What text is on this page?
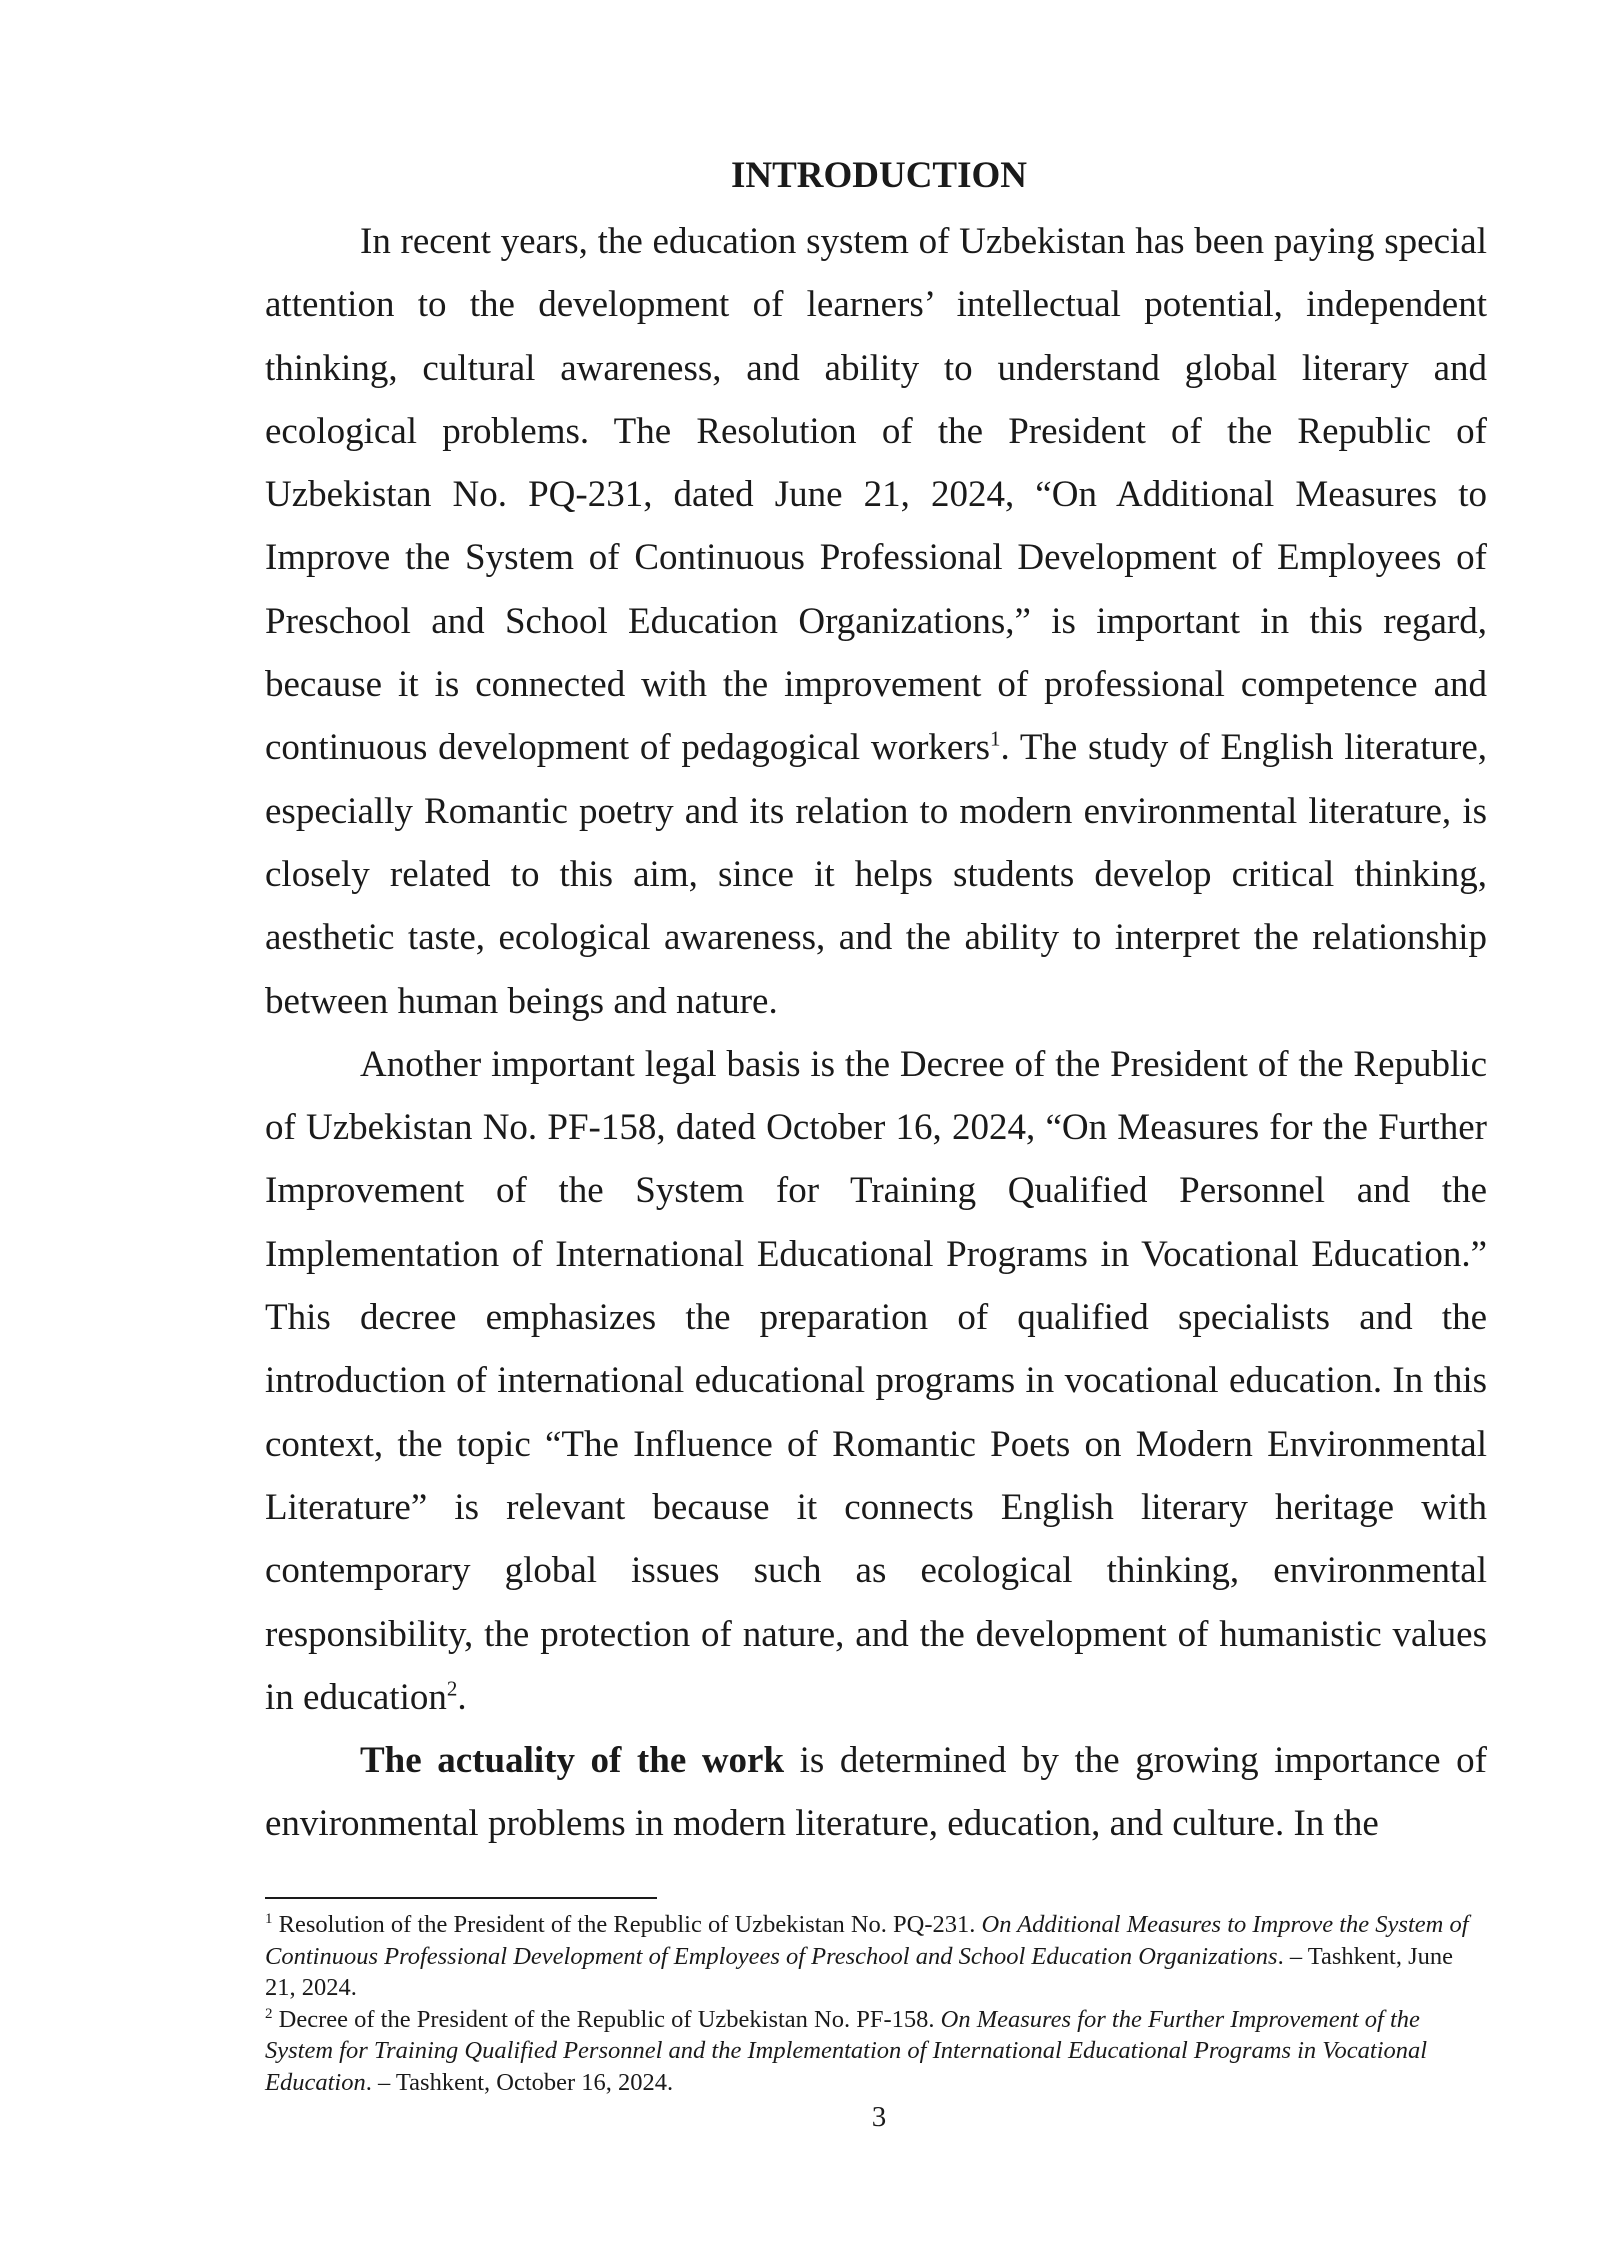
INTRODUCTION

In recent years, the education system of Uzbekistan has been paying special attention to the development of learners’ intellectual potential, independent thinking, cultural awareness, and ability to understand global literary and ecological problems. The Resolution of the President of the Republic of Uzbekistan No. PQ-231, dated June 21, 2024, “On Additional Measures to Improve the System of Continuous Professional Development of Employees of Preschool and School Education Organizations,” is important in this regard, because it is connected with the improvement of professional competence and continuous development of pedagogical workers$^1$. The study of English literature, especially Romantic poetry and its relation to modern environmental literature, is closely related to this aim, since it helps students develop critical thinking, aesthetic taste, ecological awareness, and the ability to interpret the relationship between human beings and nature.

Another important legal basis is the Decree of the President of the Republic of Uzbekistan No. PF-158, dated October 16, 2024, “On Measures for the Further Improvement of the System for Training Qualified Personnel and the Implementation of International Educational Programs in Vocational Education.” This decree emphasizes the preparation of qualified specialists and the introduction of international educational programs in vocational education. In this context, the topic “The Influence of Romantic Poets on Modern Environmental Literature” is relevant because it connects English literary heritage with contemporary global issues such as ecological thinking, environmental responsibility, the protection of nature, and the development of humanistic values in education$^2$.

The actuality of the work is determined by the growing importance of environmental problems in modern literature, education, and culture. In the

$^1$ Resolution of the President of the Republic of Uzbekistan No. PQ-231. On Additional Measures to Improve the System of Continuous Professional Development of Employees of Preschool and School Education Organizations. – Tashkent, June 21, 2024.

$^2$ Decree of the President of the Republic of Uzbekistan No. PF-158. On Measures for the Further Improvement of the System for Training Qualified Personnel and the Implementation of International Educational Programs in Vocational Education. – Tashkent, October 16, 2024.

3
